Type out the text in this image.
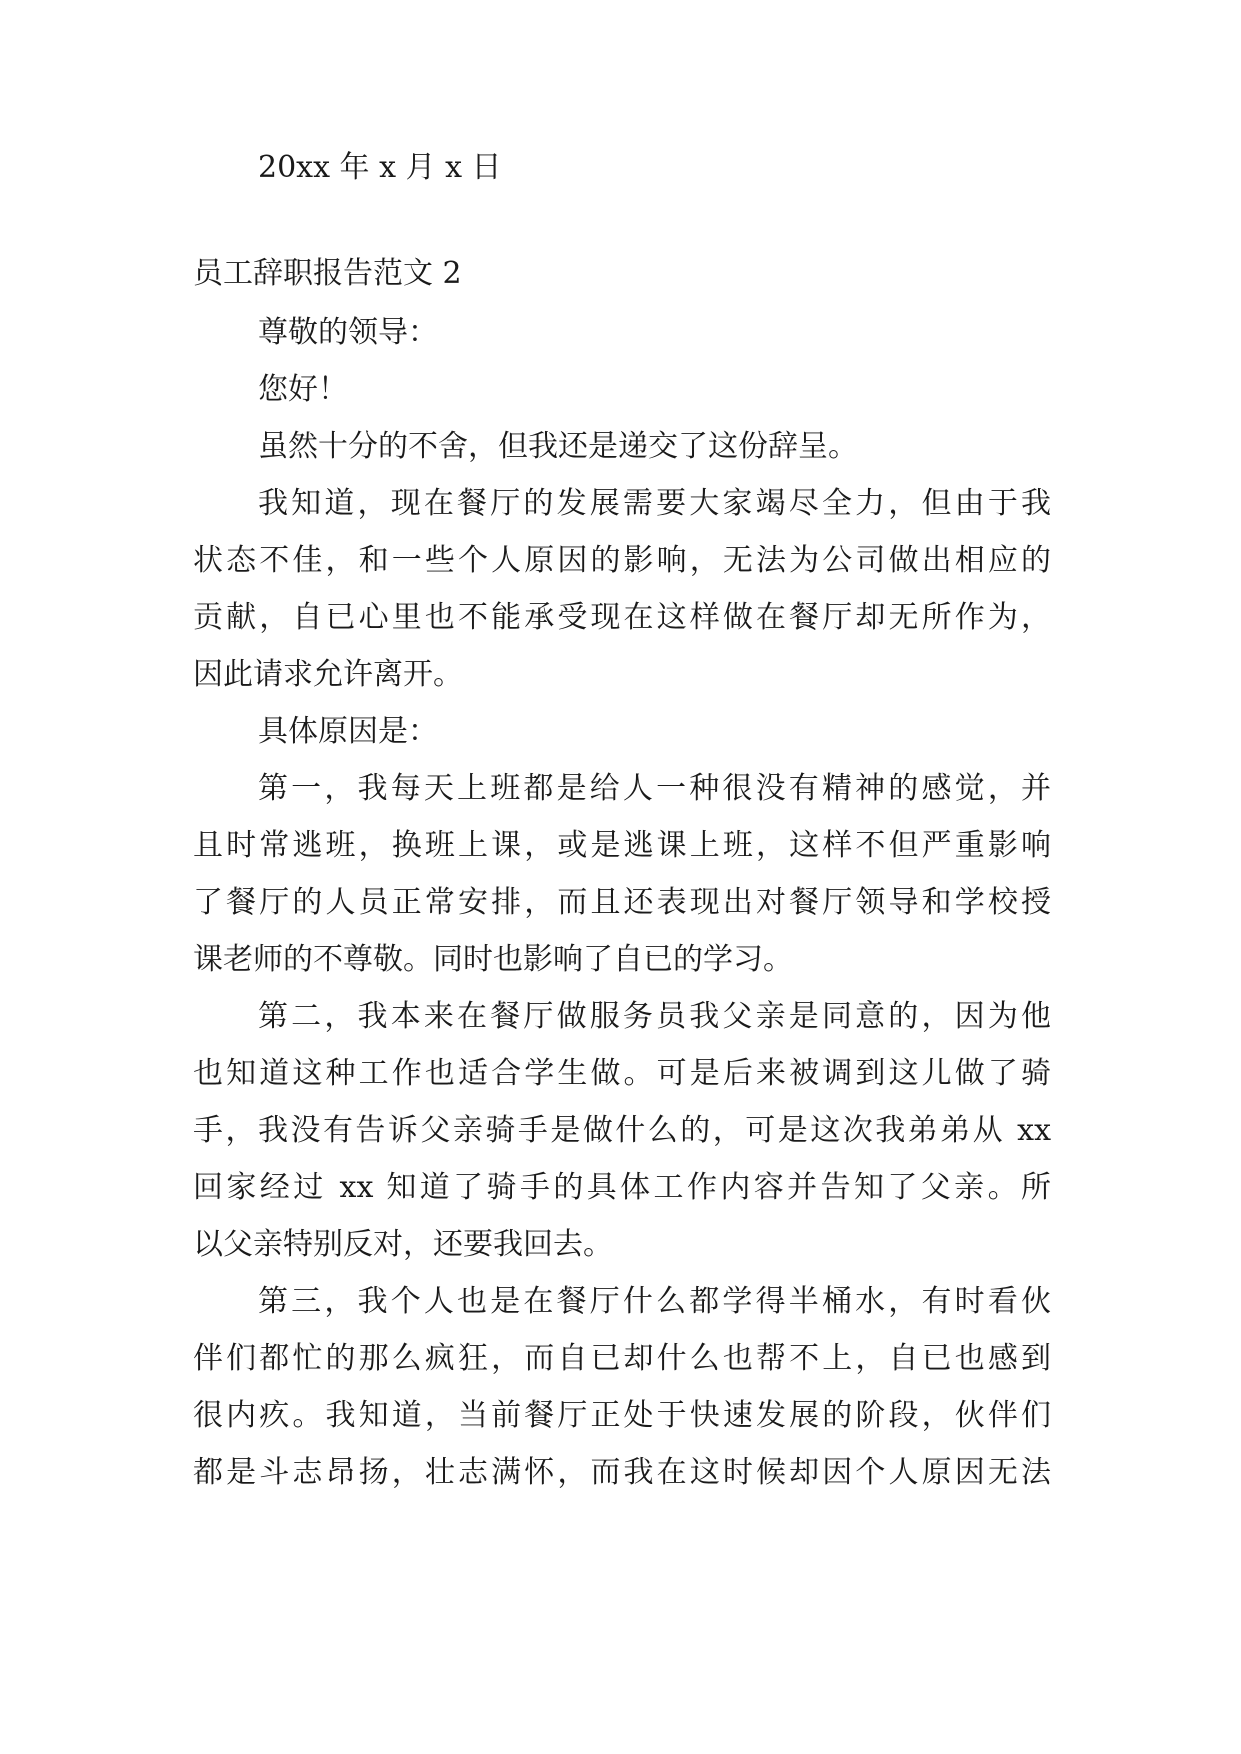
20xx 年 x 月 x 日
员工辞职报告范文 2
尊敬的领导：
您好！
虽然十分的不舍，但我还是递交了这份辞呈。
我知道，现在餐厅的发展需要大家竭尽全力，但由于我
状态不佳，和一些个人原因的影响，无法为公司做出相应的
贡献，自已心里也不能承受现在这样做在餐厅却无所作为，
因此请求允许离开。
具体原因是：
第一，我每天上班都是给人一种很没有精神的感觉，并
且时常逃班，换班上课，或是逃课上班，这样不但严重影响
了餐厅的人员正常安排，而且还表现出对餐厅领导和学校授
课老师的不尊敬。同时也影响了自已的学习。
第二，我本来在餐厅做服务员我父亲是同意的，因为他
也知道这种工作也适合学生做。可是后来被调到这儿做了骑
手，我没有告诉父亲骑手是做什么的，可是这次我弟弟从 xx
回家经过 xx 知道了骑手的具体工作内容并告知了父亲。所
以父亲特别反对，还要我回去。
第三，我个人也是在餐厅什么都学得半桶水，有时看伙
伴们都忙的那么疯狂，而自已却什么也帮不上，自已也感到
很内疚。我知道，当前餐厅正处于快速发展的阶段，伙伴们
都是斗志昂扬，壮志满怀，而我在这时候却因个人原因无法
